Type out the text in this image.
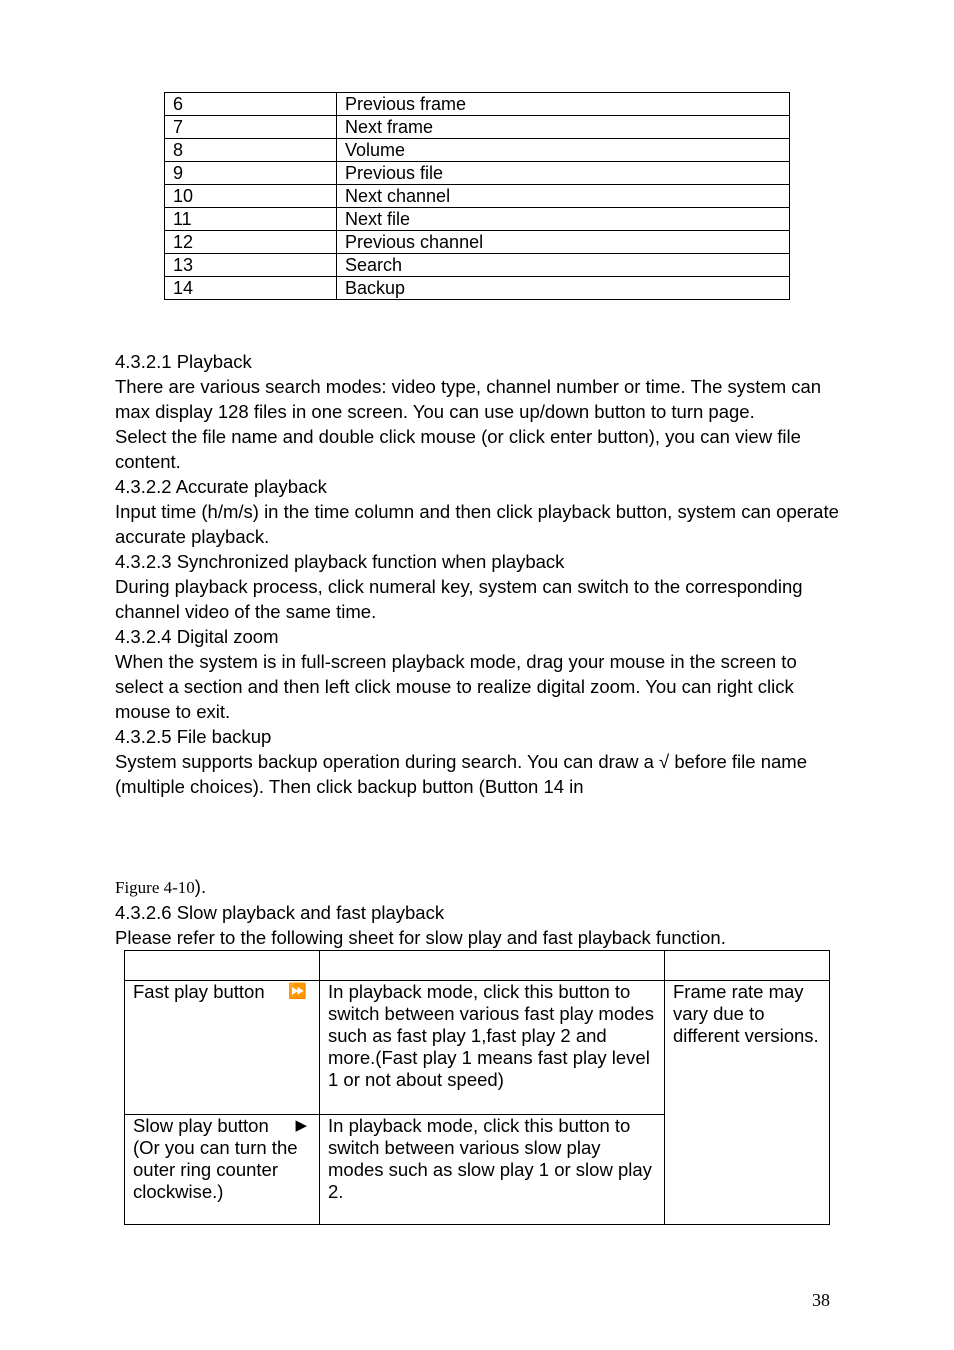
6	Previous frame
7	Next frame
8	Volume
9	Previous file
10	Next channel
11	Next file
12	Previous channel
13	Search
14	Backup

4.3.2.1 Playback

There are various search modes: video type, channel number or time. The system can max display 128 files in one screen. You can use up/down button to turn page.

Select the file name and double click mouse (or click enter button), you can view file content.

4.3.2.2 Accurate playback

Input time (h/m/s) in the time column and then click playback button, system can operate accurate playback.

4.3.2.3 Synchronized playback function when playback

During playback process, click numeral key, system can switch to the corresponding channel video of the same time.

4.3.2.4 Digital zoom

When the system is in full-screen playback mode, drag your mouse in the screen to select a section and then left click mouse to realize digital zoom. You can right click mouse to exit.

4.3.2.5 File backup

System supports backup operation during search. You can draw a √ before file name (multiple choices). Then click backup button (Button 14 in

Figure 4-10).

4.3.2.6 Slow playback and fast playback

Please refer to the following sheet for slow play and fast playback function.

Fast play button ⏩	In playback mode, click this button to switch between various fast play modes such as fast play 1,fast play 2 and more.(Fast play 1 means fast play level 1 or not about speed)	Frame rate may vary due to different versions.

Slow play button ▶
(Or you can turn the outer ring counter clockwise.)	In playback mode, click this button to switch between various slow play modes such as slow play 1 or slow play 2.	
38
